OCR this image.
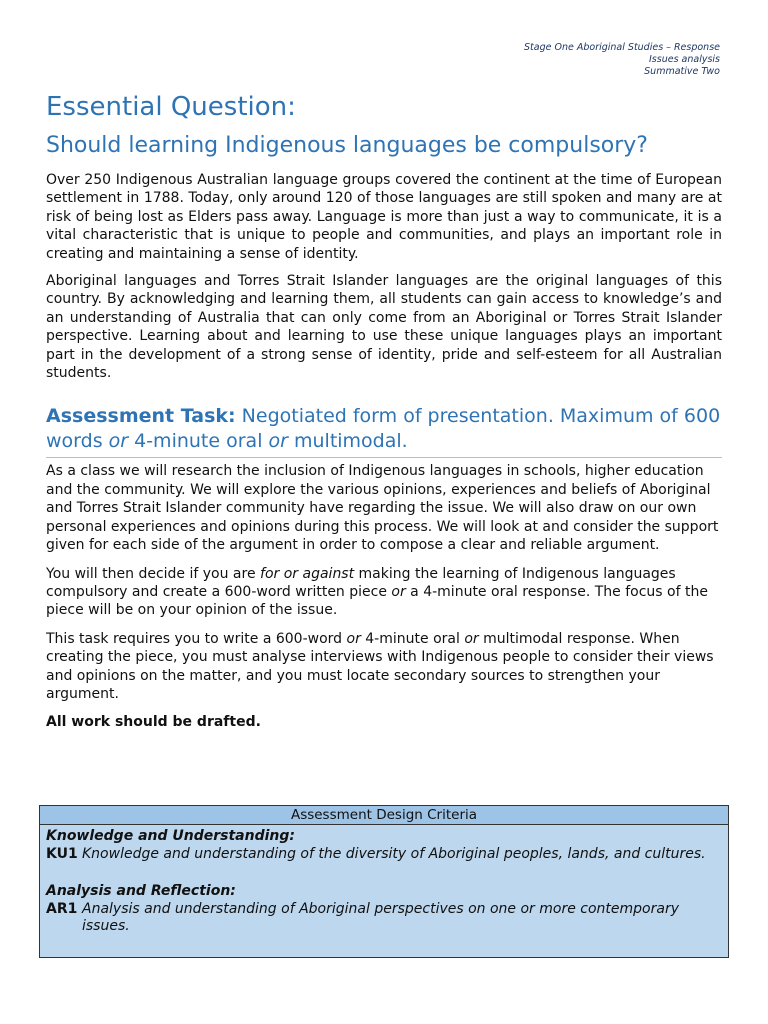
Stage One Aboriginal Studies – Response
Issues analysis
Summative Two
Essential Question:
Should learning Indigenous languages be compulsory?

Over 250 Indigenous Australian language groups covered the continent at the time of European settlement in 1788. Today, only around 120 of those languages are still spoken and many are at risk of being lost as Elders pass away. Language is more than just a way to communicate, it is a vital characteristic that is unique to people and communities, and plays an important role in creating and maintaining a sense of identity.

Aboriginal languages and Torres Strait Islander languages are the original languages of this country. By acknowledging and learning them, all students can gain access to knowledge’s and an understanding of Australia that can only come from an Aboriginal or Torres Strait Islander perspective. Learning about and learning to use these unique languages plays an important part in the development of a strong sense of identity, pride and self-esteem for all Australian students.

Assessment Task: Negotiated form of presentation. Maximum of 600 words or 4-minute oral or multimodal.

As a class we will research the inclusion of Indigenous languages in schools, higher education and the community. We will explore the various opinions, experiences and beliefs of Aboriginal and Torres Strait Islander community have regarding the issue. We will also draw on our own personal experiences and opinions during this process. We will look at and consider the support given for each side of the argument in order to compose a clear and reliable argument.

You will then decide if you are for or against making the learning of Indigenous languages compulsory and create a 600-word written piece or a 4-minute oral response. The focus of the piece will be on your opinion of the issue.

This task requires you to write a 600-word or 4-minute oral or multimodal response. When creating the piece, you must analyse interviews with Indigenous people to consider their views and opinions on the matter, and you must locate secondary sources to strengthen your argument.

All work should be drafted.
Assessment Design Criteria
Knowledge and Understanding:
KU1 Knowledge and understanding of the diversity of Aboriginal peoples, lands, and cultures.
Analysis and Reflection:
AR1 Analysis and understanding of Aboriginal perspectives on one or more contemporary issues.
